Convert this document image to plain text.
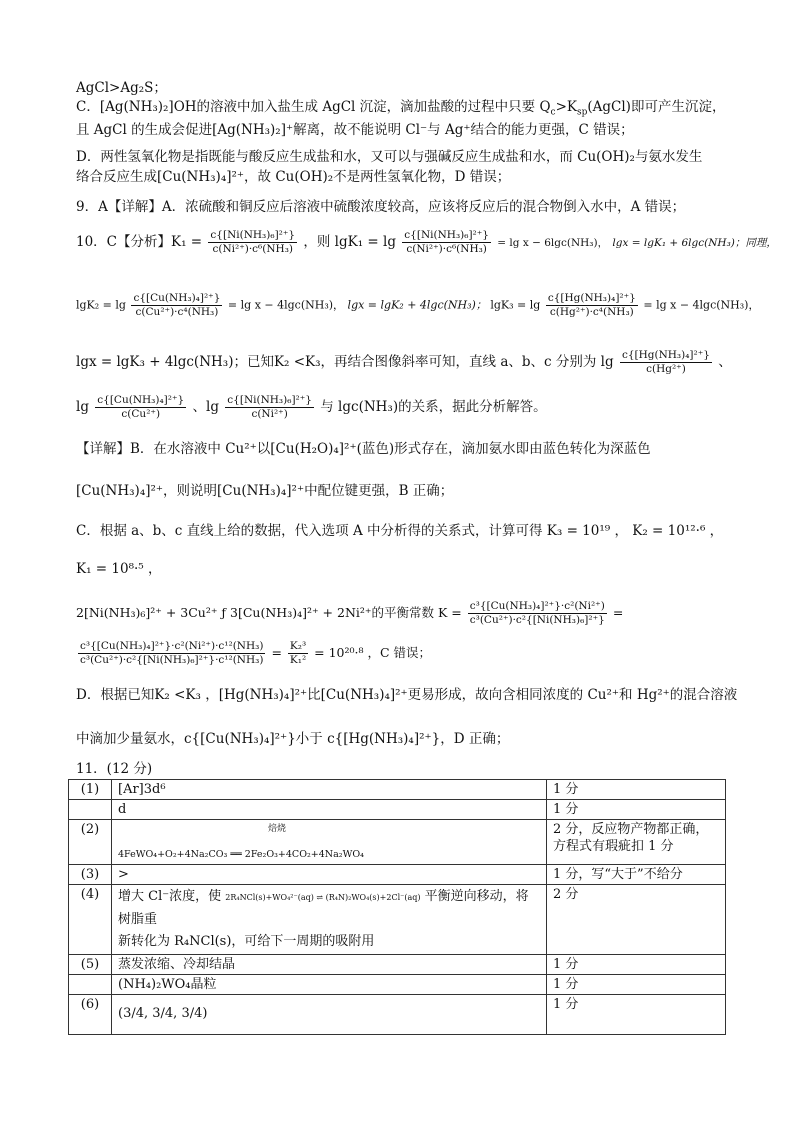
AgCl>Ag₂S；
C．[Ag(NH₃)₂]OH的溶液中加入盐生成 AgCl 沉淀，滴加盐酸的过程中只要 $Q_c>K_{sp}(AgCl)$即可产生沉淀，
且 AgCl 的生成会促进[Ag(NH₃)₂]⁺解离，故不能说明 Cl⁻与 Ag⁺结合的能力更强，C 错误；
D．两性氢氧化物是指既能与酸反应生成盐和水，又可以与强碱反应生成盐和水，而 Cu(OH)₂与氨水发生
络合反应生成[Cu(NH₃)₄]²⁺，故 Cu(OH)₂不是两性氢氧化物，D 错误；
9．A【详解】A．浓硫酸和铜反应后溶液中硫酸浓度较高，应该将反应后的混合物倒入水中，A 错误；
10．C【分析】$K_1 = \frac{\text{c\{[Ni(NH₃)₆]²⁺\}}}{\text{c(Ni²⁺)·c⁶(NH₃)}}$ ，则 $\lg K_1 = \lg \frac{\text{c\{[Ni(NH₃)₆]²⁺\}}}{\text{c(Ni²⁺)·c⁶(NH₃)}} = \lg x - 6\lg c(NH_3)$， lgx = lgK₁ + 6lgc(NH₃)；同理，
$\lg K_2 = \lg \frac{\text{c\{[Cu(NH₃)₄]²⁺\}}}{\text{c(Cu²⁺)·c⁴(NH₃)}} = \lg x - 4\lg c(NH_3)$， lgx = lgK₂ + 4lgc(NH₃)； $\lg K_3 = \lg \frac{\text{c\{[Hg(NH₃)₄]²⁺\}}}{\text{c(Hg²⁺)·c⁴(NH₃)}} = \lg x - 4\lg c(NH_3)$，
lgx = lgK₃ + 4lgc(NH₃)；已知K₂ <K₃，再结合图像斜率可知，直线 a、b、c 分别为 $\lg \frac{\text{c\{[Hg(NH₃)₄]²⁺\}}}{\text{c(Hg²⁺)}}$ 、
$\lg \frac{\text{c\{[Cu(NH₃)₄]²⁺\}}}{\text{c(Cu²⁺)}}$ 、$\lg \frac{\text{c\{[Ni(NH₃)₆]²⁺\}}}{\text{c(Ni²⁺)}}$ 与 lgc(NH₃)的关系，据此分析解答。
【详解】B．在水溶液中 Cu²⁺以[Cu(H₂O)₄]²⁺(蓝色)形式存在，滴加氨水即由蓝色转化为深蓝色
[Cu(NH₃)₄]²⁺，则说明[Cu(NH₃)₄]²⁺中配位键更强，B 正确；
C．根据 a、b、c 直线上给的数据，代入选项 A 中分析得的关系式，计算可得 K₃ = 10¹⁹ ， K₂ = 10¹²·⁶ ，
K₁ = 10⁸·⁵ ，
2[Ni(NH₃)₆]²⁺ + 3Cu²⁺ ƒ 3[Cu(NH₃)₄]²⁺ + 2Ni²⁺的平衡常数 $K = \frac{\text{c³\{[Cu(NH₃)₄]²⁺\}·c²(Ni²⁺)}}{\text{c³(Cu²⁺)·c²\{[Ni(NH₃)₆]²⁺\}}}$ =
$\frac{\text{c³\{[Cu(NH₃)₄]²⁺\}·c²(Ni²⁺)·c¹²(NH₃)}}{\text{c³(Cu²⁺)·c²\{[Ni(NH₃)₆]²⁺\}·c¹²(NH₃)}} = \frac{\text{K₂³}}{\text{K₁²}} = 10^{20}\cdot^8$ ，C 错误；
D．根据已知K₂ <K₃ ，[Hg(NH₃)₄]²⁺比[Cu(NH₃)₄]²⁺更易形成，故向含相同浓度的 Cu²⁺和 Hg²⁺的混合溶液
中滴加少量氨水，c{[Cu(NH₃)₄]²⁺}小于 c{[Hg(NH₃)₄]²⁺}，D 正确；
11．(12 分)
(1)	[Ar]3d⁶	1 分
	d	1 分
(2)	焙烧
4FeWO₄+O₂+4Na₂CO₃ ══ 2Fe₂O₃+4CO₂+4Na₂WO₄	2 分，反应物产物都正确，
方程式有瑕疵扣 1 分
(3)	>	1 分，写“大于”不给分
(4)	增大 Cl⁻浓度，使 2R₄NCl(s)+WO₄²⁻(aq) ⇌ (R₄N)₂WO₄(s)+2Cl⁻(aq) 平衡逆向移动，将树脂重
新转化为 R₄NCl(s)，可给下一周期的吸附用	2 分
(5)	蒸发浓缩、冷却结晶	1 分
	(NH₄)₂WO₄晶粒	1 分
(6)	(3/4, 3/4, 3/4)	1 分
